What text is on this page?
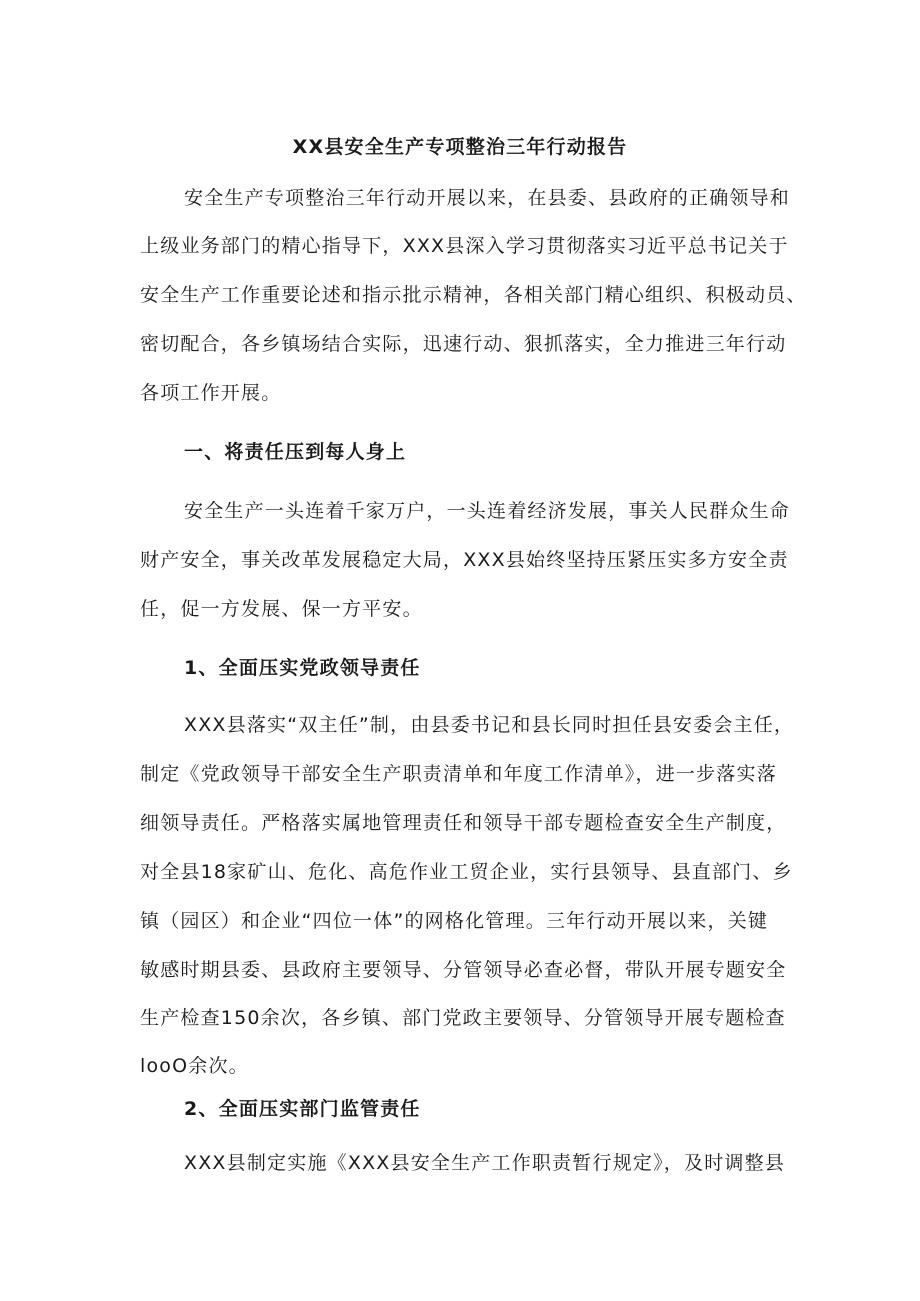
XX县安全生产专项整治三年行动报告
安全生产专项整治三年行动开展以来，在县委、县政府的正确领导和
上级业务部门的精心指导下，XXX县深入学习贯彻落实习近平总书记关于
安全生产工作重要论述和指示批示精神，各相关部门精心组织、积极动员、
密切配合，各乡镇场结合实际，迅速行动、狠抓落实，全力推进三年行动
各项工作开展。
一、将责任压到每人身上
安全生产一头连着千家万户，一头连着经济发展，事关人民群众生命
财产安全，事关改革发展稳定大局，XXX县始终坚持压紧压实多方安全责
任，促一方发展、保一方平安。
1、全面压实党政领导责任
XXX县落实“双主任”制，由县委书记和县长同时担任县安委会主任，
制定《党政领导干部安全生产职责清单和年度工作清单》，进一步落实落
细领导责任。严格落实属地管理责任和领导干部专题检查安全生产制度，
对全县18家矿山、危化、高危作业工贸企业，实行县领导、县直部门、乡
镇（园区）和企业“四位一体”的网格化管理。三年行动开展以来，关键
敏感时期县委、县政府主要领导、分管领导必查必督，带队开展专题安全
生产检查150余次，各乡镇、部门党政主要领导、分管领导开展专题检查
looO余次。
2、全面压实部门监管责任
XXX县制定实施《XXX县安全生产工作职责暂行规定》，及时调整县
